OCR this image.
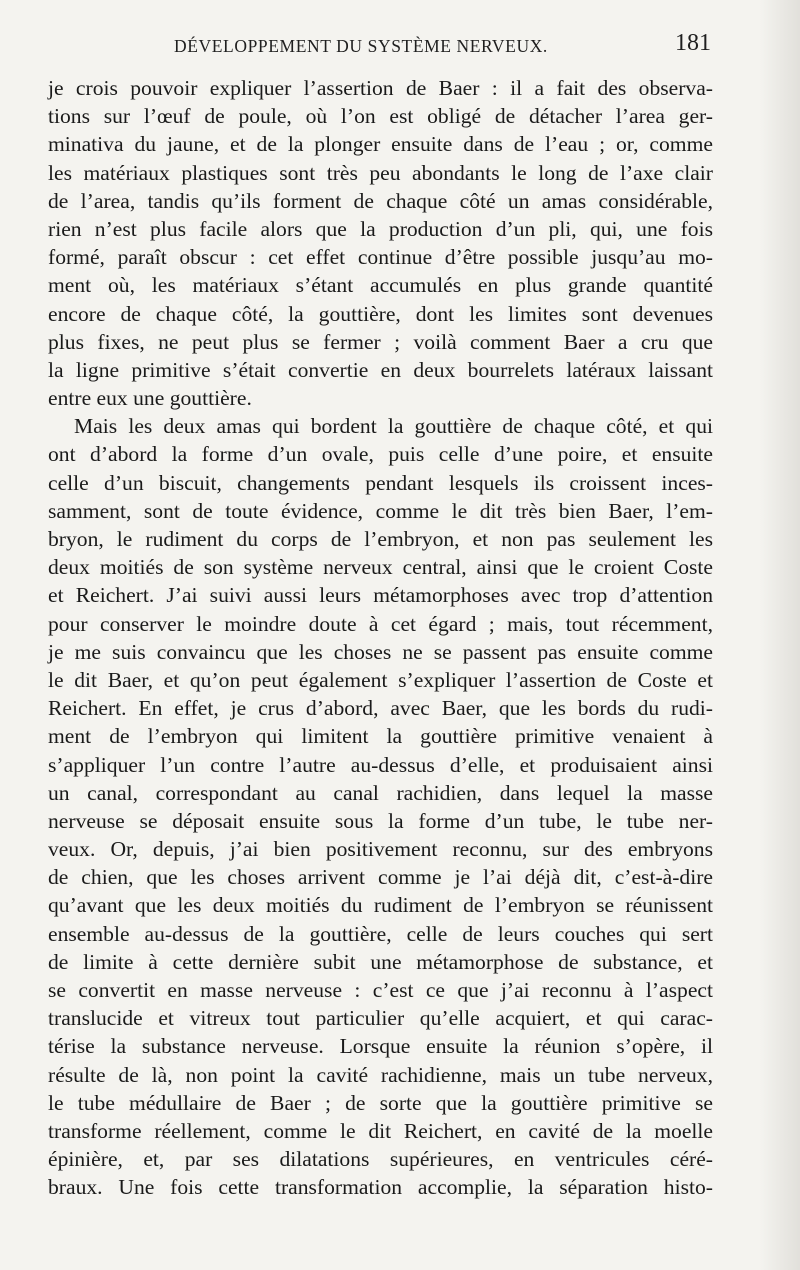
DÉVELOPPEMENT DU SYSTÈME NERVEUX.	181
je crois pouvoir expliquer l’assertion de Baer : il a fait des observa-
tions sur l’œuf de poule, où l’on est obligé de détacher l’area ger-
minativa du jaune, et de la plonger ensuite dans de l’eau ; or, comme
les matériaux plastiques sont très peu abondants le long de l’axe clair
de l’area, tandis qu’ils forment de chaque côté un amas considérable,
rien n’est plus facile alors que la production d’un pli, qui, une fois
formé, paraît obscur : cet effet continue d’être possible jusqu’au mo-
ment où, les matériaux s’étant accumulés en plus grande quantité
encore de chaque côté, la gouttière, dont les limites sont devenues
plus fixes, ne peut plus se fermer ; voilà comment Baer a cru que
la ligne primitive s’était convertie en deux bourrelets latéraux laissant
entre eux une gouttière.
Mais les deux amas qui bordent la gouttière de chaque côté, et qui
ont d’abord la forme d’un ovale, puis celle d’une poire, et ensuite
celle d’un biscuit, changements pendant lesquels ils croissent inces-
samment, sont de toute évidence, comme le dit très bien Baer, l’em-
bryon, le rudiment du corps de l’embryon, et non pas seulement les
deux moitiés de son système nerveux central, ainsi que le croient Coste
et Reichert. J’ai suivi aussi leurs métamorphoses avec trop d’attention
pour conserver le moindre doute à cet égard ; mais, tout récemment,
je me suis convaincu que les choses ne se passent pas ensuite comme
le dit Baer, et qu’on peut également s’expliquer l’assertion de Coste et
Reichert. En effet, je crus d’abord, avec Baer, que les bords du rudi-
ment de l’embryon qui limitent la gouttière primitive venaient à
s’appliquer l’un contre l’autre au-dessus d’elle, et produisaient ainsi
un canal, correspondant au canal rachidien, dans lequel la masse
nerveuse se déposait ensuite sous la forme d’un tube, le tube ner-
veux. Or, depuis, j’ai bien positivement reconnu, sur des embryons
de chien, que les choses arrivent comme je l’ai déjà dit, c’est-à-dire
qu’avant que les deux moitiés du rudiment de l’embryon se réunissent
ensemble au-dessus de la gouttière, celle de leurs couches qui sert
de limite à cette dernière subit une métamorphose de substance, et
se convertit en masse nerveuse : c’est ce que j’ai reconnu à l’aspect
translucide et vitreux tout particulier qu’elle acquiert, et qui carac-
térise la substance nerveuse. Lorsque ensuite la réunion s’opère, il
résulte de là, non point la cavité rachidienne, mais un tube nerveux,
le tube médullaire de Baer ; de sorte que la gouttière primitive se
transforme réellement, comme le dit Reichert, en cavité de la moelle
épinière, et, par ses dilatations supérieures, en ventricules céré-
braux. Une fois cette transformation accomplie, la séparation histo-
